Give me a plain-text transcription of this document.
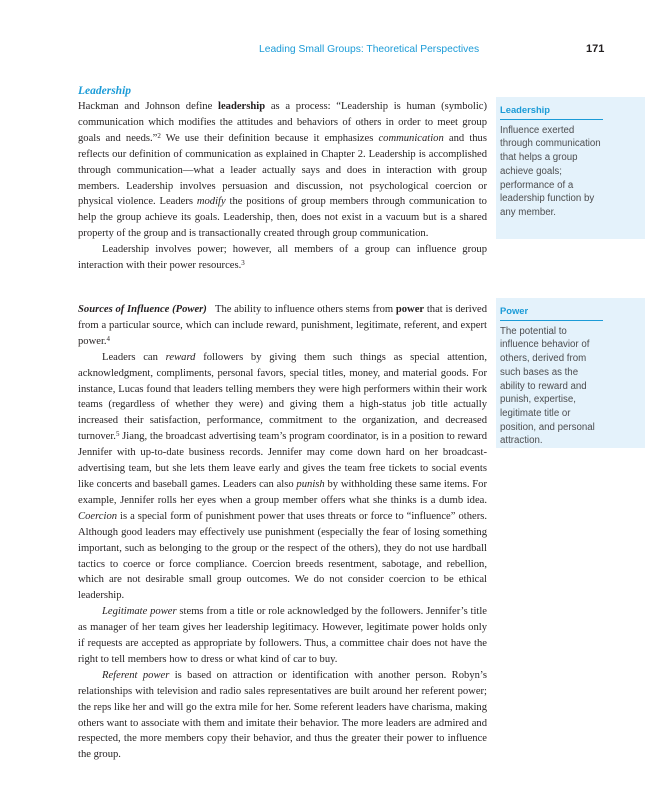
Leading Small Groups: Theoretical Perspectives	171
Leadership

Hackman and Johnson define leadership as a process: “Leadership is human (symbolic) communication which modifies the attitudes and behaviors of others in order to meet group goals and needs.”$^2$ We use their definition because it emphasizes communication and thus reflects our definition of communication as explained in Chapter 2. Leadership is accomplished through communication—what a leader actually says and does in interaction with group members. Leadership involves persuasion and discussion, not psychological coercion or physical violence. Leaders modify the positions of group members through communication to help the group achieve its goals. Leadership, then, does not exist in a vacuum but is a shared property of the group and is transactionally created through group communication.

Leadership involves power; however, all members of a group can influence group interaction with their power resources.$^3$

Sources of Influence (Power) The ability to influence others stems from power that is derived from a particular source, which can include reward, punishment, legitimate, referent, and expert power.$^4$

Leaders can reward followers by giving them such things as special attention, acknowledgment, compliments, personal favors, special titles, money, and material goods. For instance, Lucas found that leaders telling members they were high performers within their work teams (regardless of whether they were) and giving them a high-status job title actually increased their satisfaction, performance, commitment to the organization, and decreased turnover.$^5$ Jiang, the broadcast advertising team’s program coordinator, is in a position to reward Jennifer with up-to-date business records. Jennifer may come down hard on her broadcast-advertising team, but she lets them leave early and gives the team free tickets to social events like concerts and baseball games. Leaders can also punish by withholding these same items. For example, Jennifer rolls her eyes when a group member offers what she thinks is a dumb idea. Coercion is a special form of punishment power that uses threats or force to “influence” others. Although good leaders may effectively use punishment (especially the fear of losing something important, such as belonging to the group or the respect of the others), they do not use hardball tactics to coerce or force compliance. Coercion breeds resentment, sabotage, and rebellion, which are not desirable small group outcomes. We do not consider coercion to be ethical leadership.

Legitimate power stems from a title or role acknowledged by the followers. Jennifer’s title as manager of her team gives her leadership legitimacy. However, legitimate power holds only if requests are accepted as appropriate by followers. Thus, a committee chair does not have the right to tell members how to dress or what kind of car to buy.

Referent power is based on attraction or identification with another person. Robyn’s relationships with television and radio sales representatives are built around her referent power; the reps like her and will go the extra mile for her. Some referent leaders have charisma, making others want to associate with them and imitate their behavior. The more leaders are admired and respected, the more members copy their behavior, and thus the greater their power to influence the group.

Leadership
Influence exerted through communication that helps a group achieve goals; performance of a leadership function by any member.
Power
The potential to influence behavior of others, derived from such bases as the ability to reward and punish, expertise, legitimate title or position, and personal attraction.
